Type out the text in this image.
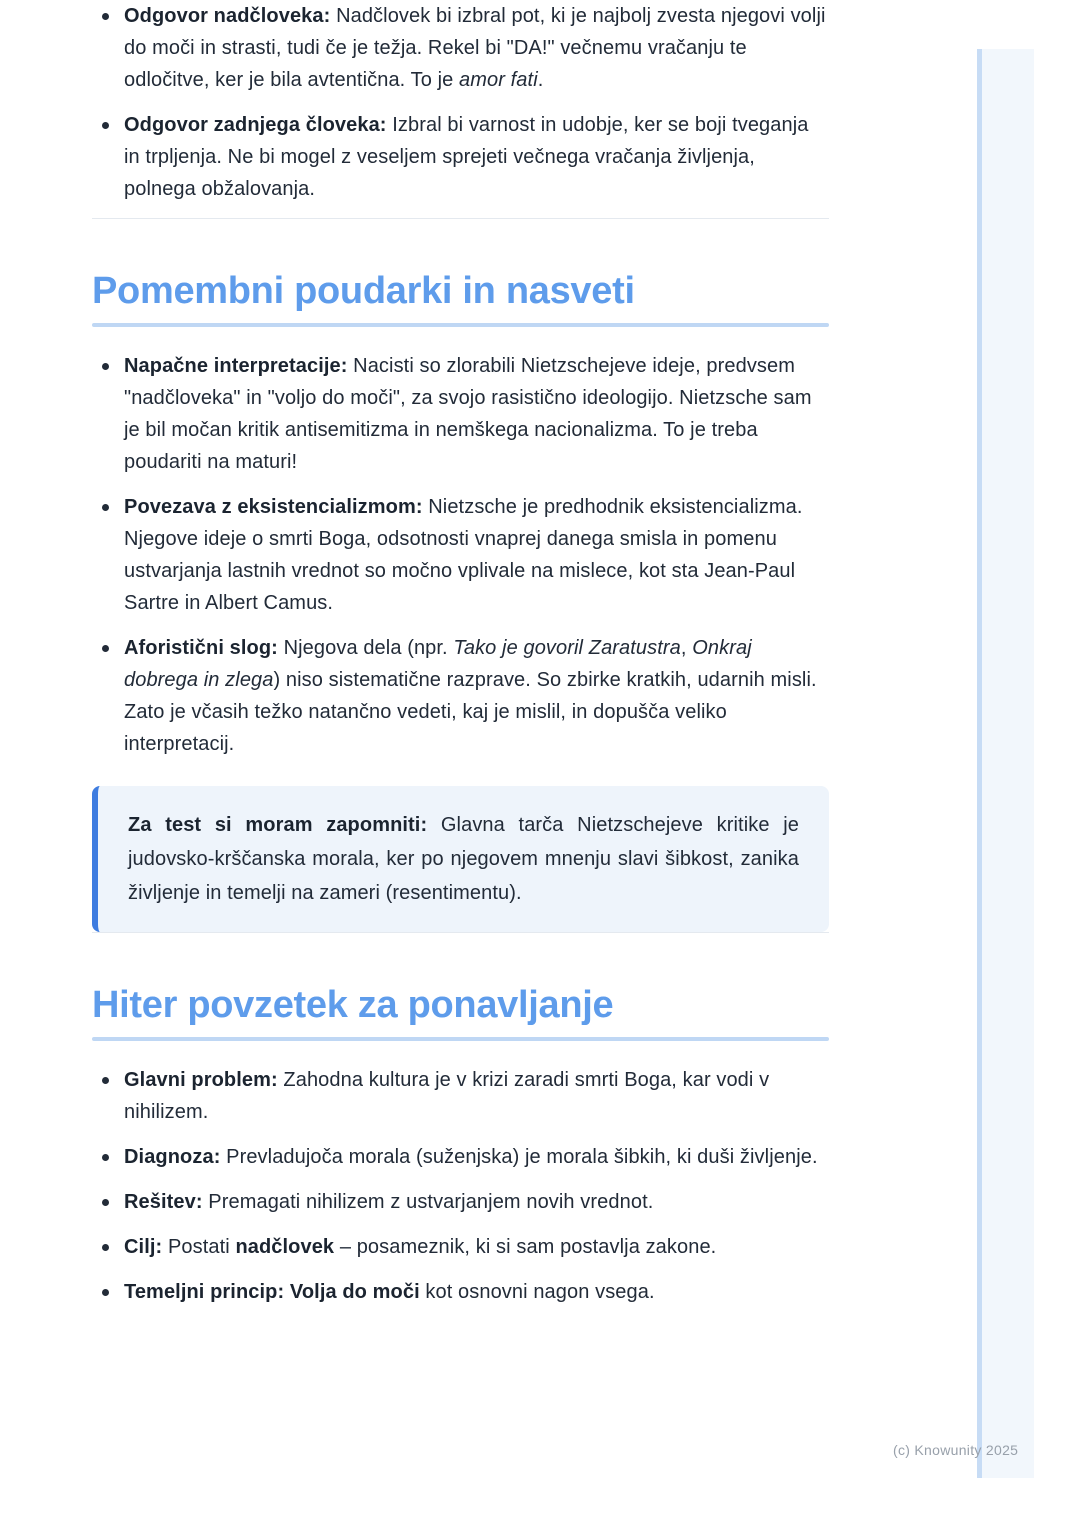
Odgovor nadčloveka: Nadčlovek bi izbral pot, ki je najbolj zvesta njegovi volji do moči in strasti, tudi če je težja. Rekel bi "DA!" večnemu vračanju te odločitve, ker je bila avtentična. To je amor fati.
Odgovor zadnjega človeka: Izbral bi varnost in udobje, ker se boji tveganja in trpljenja. Ne bi mogel z veseljem sprejeti večnega vračanja življenja, polnega obžalovanja.
Pomembni poudarki in nasveti
Napačne interpretacije: Nacisti so zlorabili Nietzschejeve ideje, predvsem "nadčloveka" in "voljo do moči", za svojo rasistično ideologijo. Nietzsche sam je bil močan kritik antisemitizma in nemškega nacionalizma. To je treba poudariti na maturi!
Povezava z eksistencializmom: Nietzsche je predhodnik eksistencializma. Njegove ideje o smrti Boga, odsotnosti vnaprej danega smisla in pomenu ustvarjanja lastnih vrednot so močno vplivale na mislece, kot sta Jean-Paul Sartre in Albert Camus.
Aforistični slog: Njegova dela (npr. Tako je govoril Zaratustra, Onkraj dobrega in zlega) niso sistematične razprave. So zbirke kratkih, udarnih misli. Zato je včasih težko natančno vedeti, kaj je mislil, in dopušča veliko interpretacij.
Za test si moram zapomniti: Glavna tarča Nietzschejeve kritike je judovsko-krščanska morala, ker po njegovem mnenju slavi šibkost, zanika življenje in temelji na zameri (resentimentu).
Hiter povzetek za ponavljanje
Glavni problem: Zahodna kultura je v krizi zaradi smrti Boga, kar vodi v nihilizem.
Diagnoza: Prevladujoča morala (suženjska) je morala šibkih, ki duši življenje.
Rešitev: Premagati nihilizem z ustvarjanjem novih vrednot.
Cilj: Postati nadčlovek – posameznik, ki si sam postavlja zakone.
Temeljni princip: Volja do moči kot osnovni nagon vsega.
(c) Knowunity 2025
